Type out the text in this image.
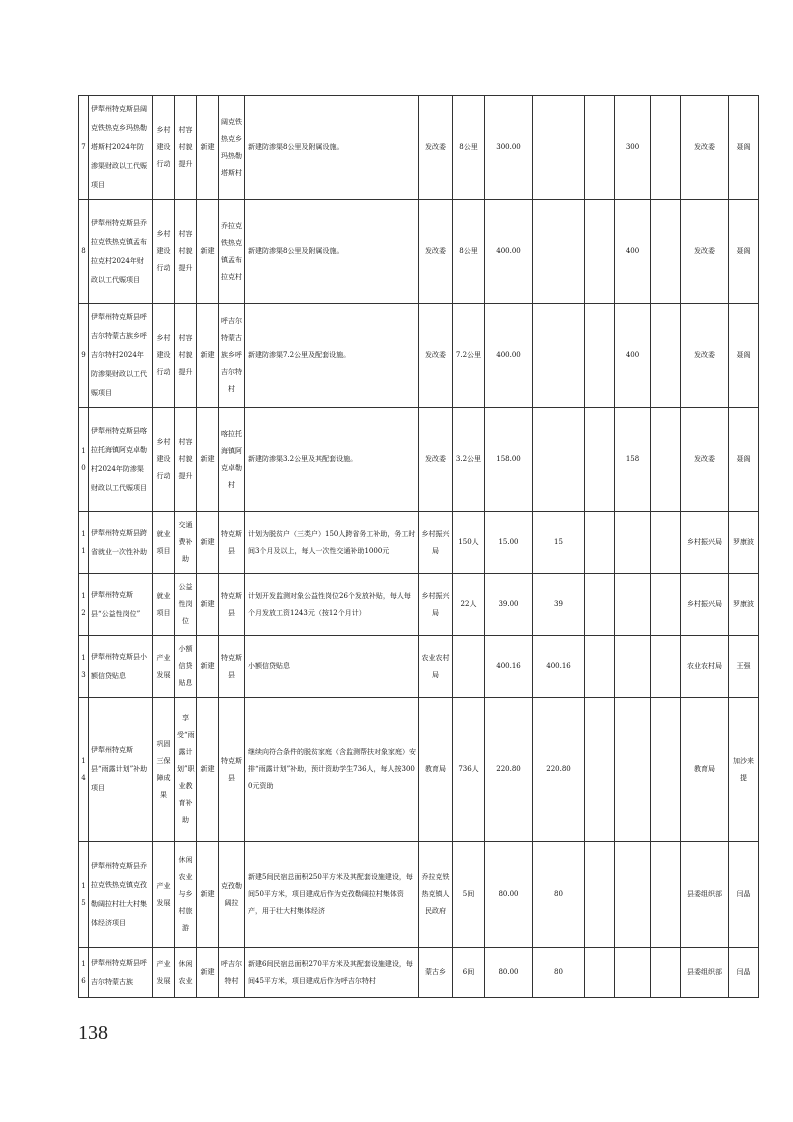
7	伊犁州特克斯县阔克铁热克乡玛热勒塔斯村2024年防渗渠财政以工代赈项目	乡村建设行动	村容村貌提升	新建	阔克铁热克乡玛热勒塔斯村	新建防渗渠8公里及附属设施。	发改委	8公里	300.00			300		发改委	聂阁
8	伊犁州特克斯县乔拉克铁热克镇孟布拉克村2024年财政以工代赈项目	乡村建设行动	村容村貌提升	新建	乔拉克铁热克镇孟布拉克村	新建防渗渠8公里及附属设施。	发改委	8公里	400.00			400		发改委	聂阁
9	伊犁州特克斯县呼吉尔特蒙古族乡呼吉尔特村2024年防渗渠财政以工代赈项目	乡村建设行动	村容村貌提升	新建	呼吉尔特蒙古族乡呼吉尔特村	新建防渗渠7.2公里及配套设施。	发改委	7.2公里	400.00			400		发改委	聂阁
10	伊犁州特克斯县喀拉托海镇阿克卓勒村2024年防渗渠财政以工代赈项目	乡村建设行动	村容村貌提升	新建	喀拉托海镇阿克卓勒村	新建防渗渠3.2公里及其配套设施。	发改委	3.2公里	158.00			158		发改委	聂阁
11	伊犁州特克斯县跨省就业一次性补助	就业项目	交通费补助	新建	特克斯县	计划为脱贫户（三类户）150人跨省务工补助，务工时间3个月及以上，每人一次性交通补助1000元	乡村振兴局	150人	15.00	15				乡村振兴局	罗康波
12	伊犁州特克斯县“公益性岗位”	就业项目	公益性岗位	新建	特克斯县	计划开发监测对象公益性岗位26个发放补贴，每人每个月发放工资1243元（按12个月计）	乡村振兴局	22人	39.00	39				乡村振兴局	罗康波
13	伊犁州特克斯县小额信贷贴息	产业发展	小额信贷贴息	新建	特克斯县	小额信贷贴息	农业农村局		400.16	400.16				农业农村局	王强
14	伊犁州特克斯县“雨露计划”补助项目	巩固三保障成果	享受“雨露计划”职业教育补助	新建	特克斯县	继续向符合条件的脱贫家庭（含监测帮扶对象家庭）安排“雨露计划”补助，预计资助学生736人，每人按3000元资助	教育局	736人	220.80	220.80				教育局	加沙来提
15	伊犁州特克斯县乔拉克铁热克镇克孜勒阔拉村壮大村集体经济项目	产业发展	休闲农业与乡村旅游	新建	克孜勒阔拉	新建5间民宿总面积250平方米及其配套设施建设，每间50平方米，项目建成后作为克孜勒阔拉村集体资产，用于壮大村集体经济	乔拉克铁热克镇人民政府	5间	80.00	80				县委组织部	闫晶
16	伊犁州特克斯县呼吉尔特蒙古族	产业发展	休闲农业	新建	呼吉尔特村	新建6间民宿总面积270平方米及其配套设施建设，每间45平方米，项目建成后作为呼吉尔特村	蒙古乡	6间	80.00	80				县委组织部	闫晶
138
